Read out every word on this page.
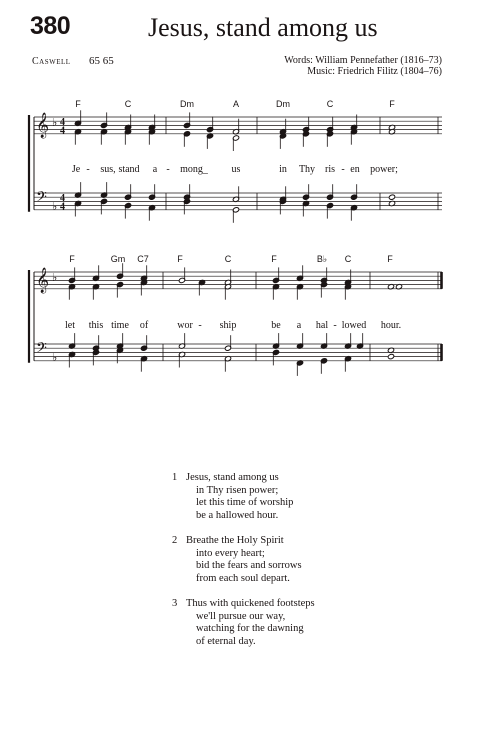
380	Jesus, stand among us
Caswell 65 65	Words: William Pennefather (1816–73)
Music: Friedrich Filitz (1804–76)
𝄞
𝄢
♭
♭
4
4
4
4
F	C	Dm	A	Dm	C	F
Je - sus, stand a - mong_ us	in Thy ris - en power;
𝄞
𝄢
♭
♭
F	Gm C7	F	C	F	B♭ C	F
let this time of	wor - ship	be a hal - lowed hour.
1 Jesus, stand among us
in Thy risen power;
let this time of worship
be a hallowed hour.
2 Breathe the Holy Spirit
into every heart;
bid the fears and sorrows
from each soul depart.
3 Thus with quickened footsteps
we'll pursue our way,
watching for the dawning
of eternal day.
